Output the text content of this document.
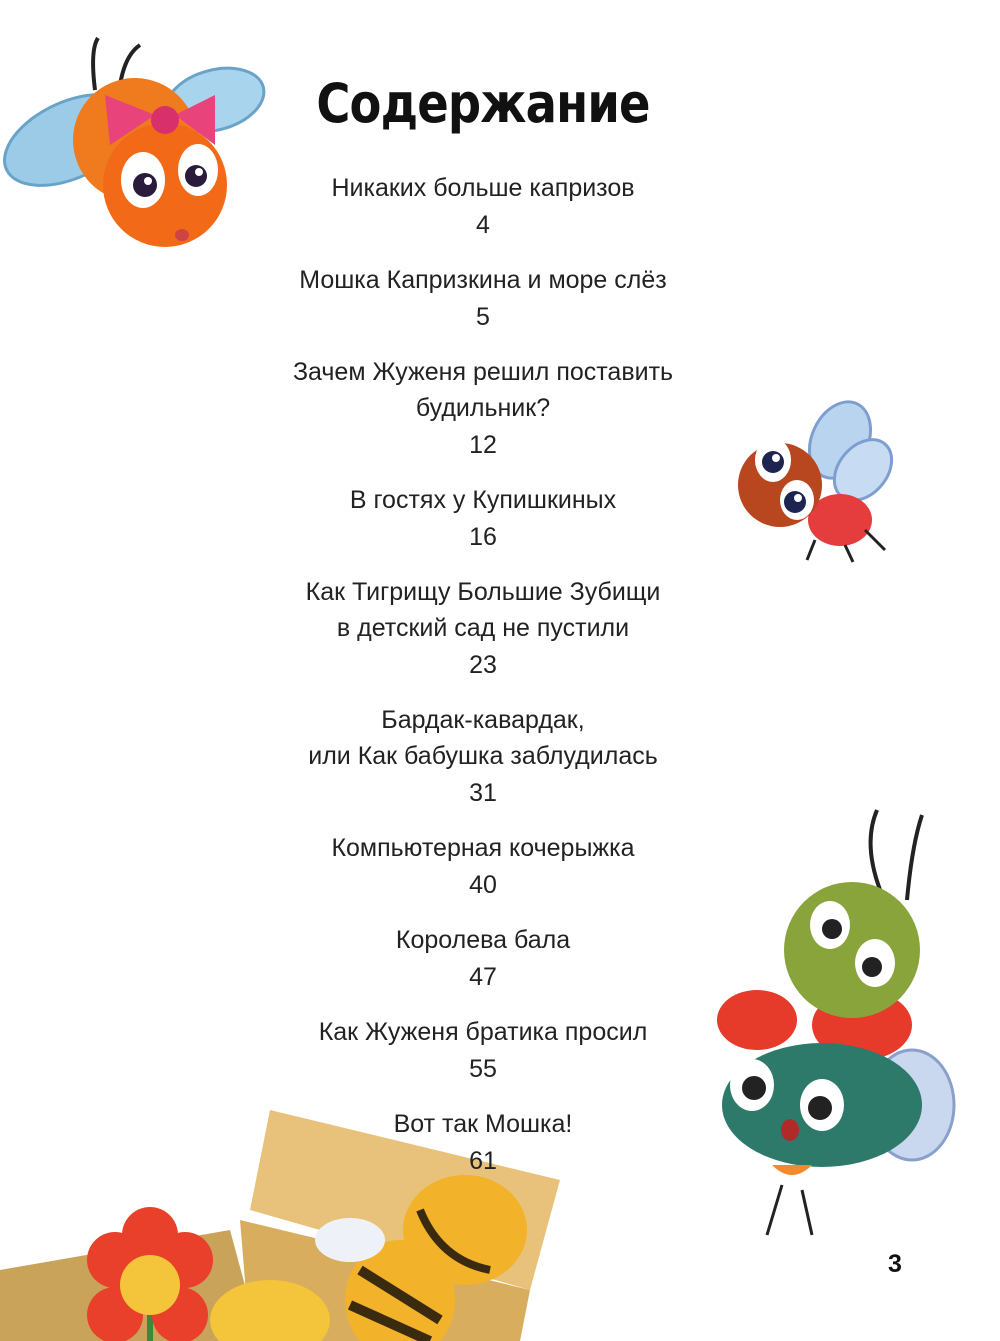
Содержание
Никаких больше капризов
4
Мошка Капризкина и море слёз
5
Зачем Жуженя решил поставить
будильник?
12
В гостях у Купишкиных
16
Как Тигрищу Большие Зубищи
в детский сад не пустили
23
Бардак-кавардак,
или Как бабушка заблудилась
31
Компьютерная кочерыжка
40
Королева бала
47
Как Жуженя братика просил
55
Вот так Мошка!
61
3
